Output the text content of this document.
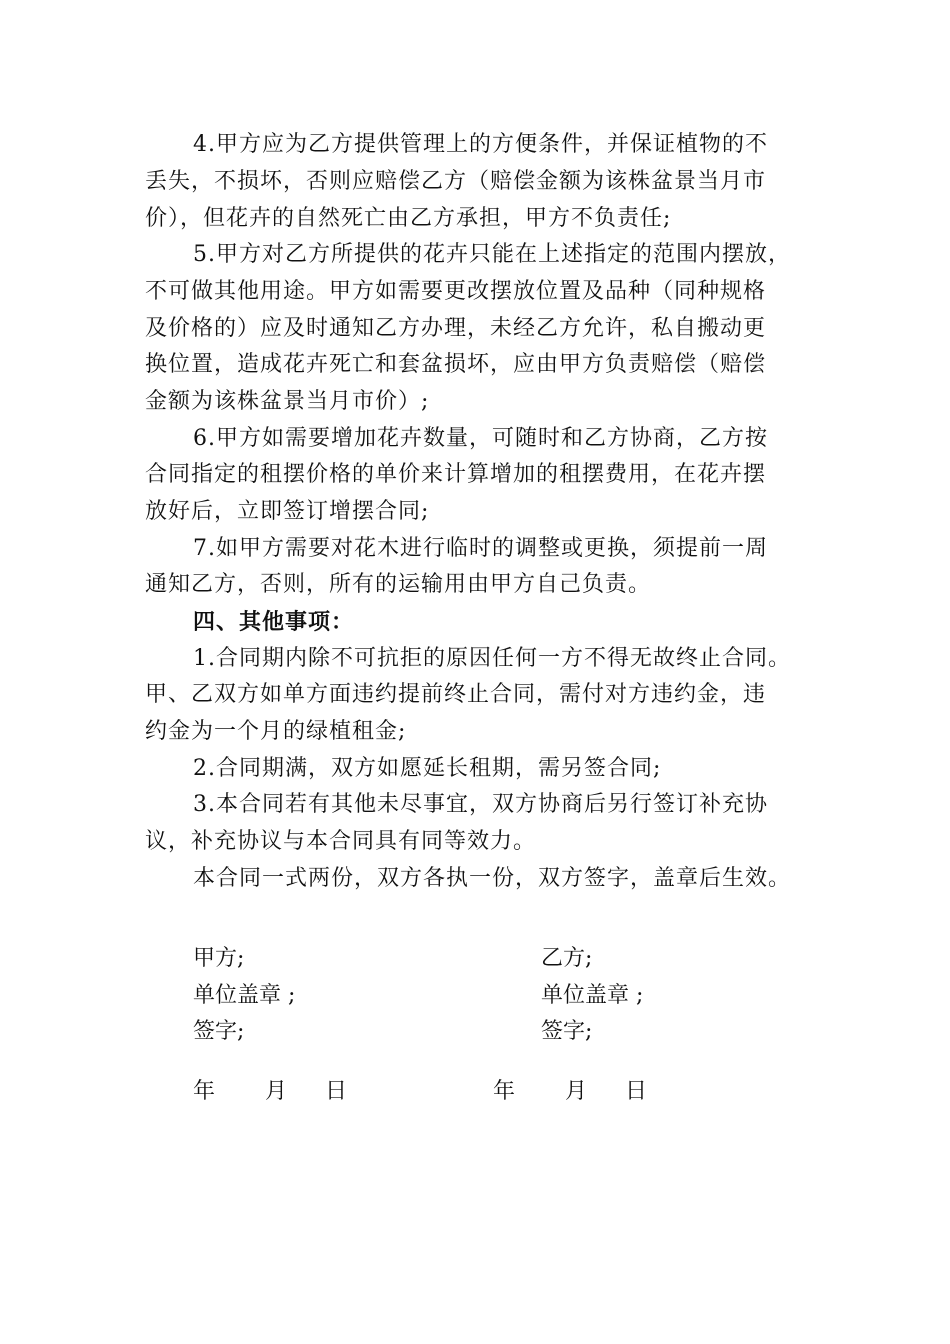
4.甲方应为乙方提供管理上的方便条件，并保证植物的不
丢失，不损坏，否则应赔偿乙方（赔偿金额为该株盆景当月市
价），但花卉的自然死亡由乙方承担，甲方不负责任;
5.甲方对乙方所提供的花卉只能在上述指定的范围内摆放，
不可做其他用途。甲方如需要更改摆放位置及品种（同种规格
及价格的）应及时通知乙方办理，未经乙方允许，私自搬动更
换位置，造成花卉死亡和套盆损坏，应由甲方负责赔偿（赔偿
金额为该株盆景当月市价）;
6.甲方如需要增加花卉数量，可随时和乙方协商，乙方按
合同指定的租摆价格的单价来计算增加的租摆费用，在花卉摆
放好后，立即签订增摆合同;
7.如甲方需要对花木进行临时的调整或更换，须提前一周
通知乙方，否则，所有的运输用由甲方自己负责。
四、其他事项：
1.合同期内除不可抗拒的原因任何一方不得无故终止合同。
甲、乙双方如单方面违约提前终止合同，需付对方违约金，违
约金为一个月的绿植租金;
2.合同期满，双方如愿延长租期，需另签合同;
3.本合同若有其他未尽事宜，双方协商后另行签订补充协
议，补充协议与本合同具有同等效力。
本合同一式两份，双方各执一份，双方签字，盖章后生效。
甲方;	乙方;
单位盖章 ;	单位盖章 ;
签字;	签字;
年 月 日	年 月 日
